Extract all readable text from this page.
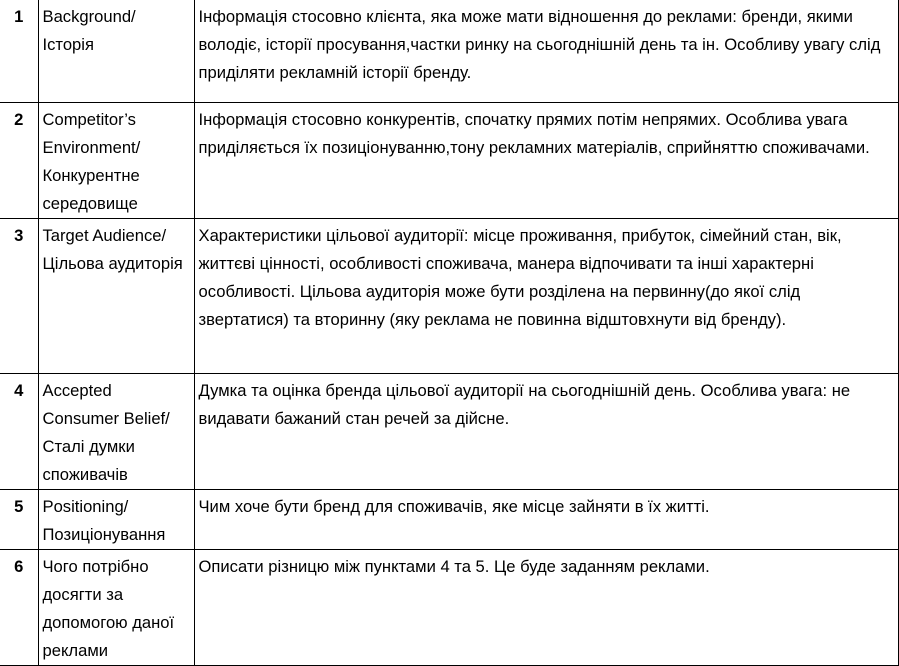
1	Background/ Історія	Інформація стосовно клієнта, яка може мати відношення до реклами: бренди, якими володіє, історії просування,частки ринку на сьогоднішній день та ін. Особливу увагу слід приділяти рекламній історії бренду.
2	Competitor’s Environment/ Конкурентне середовище	Інформація стосовно конкурентів, спочатку прямих потім непрямих. Особлива увага приділяється їх позиціонуванню,тону рекламних матеріалів, сприйняттю споживачами.
3	Target Audience/ Цільова аудиторія	Характеристики цільової аудиторії: місце проживання, прибуток, сімейний стан, вік, життєві цінності, особливості споживача, манера відпочивати та інші характерні особливості. Цільова аудиторія може бути розділена на первинну(до якої слід звертатися) та вторинну (яку реклама не повинна відштовхнути від бренду).
4	Accepted Consumer Belief/ Сталі думки споживачів	Думка та оцінка бренда цільової аудиторії на сьогоднішній день. Особлива увага: не видавати бажаний стан речей за дійсне.
5	Positioning/ Позиціонування	Чим хоче бути бренд для споживачів, яке місце зайняти в їх житті.
6	Чого потрібно досягти за допомогою даної реклами	Описати різницю між пунктами 4 та 5. Це буде заданням реклами.
